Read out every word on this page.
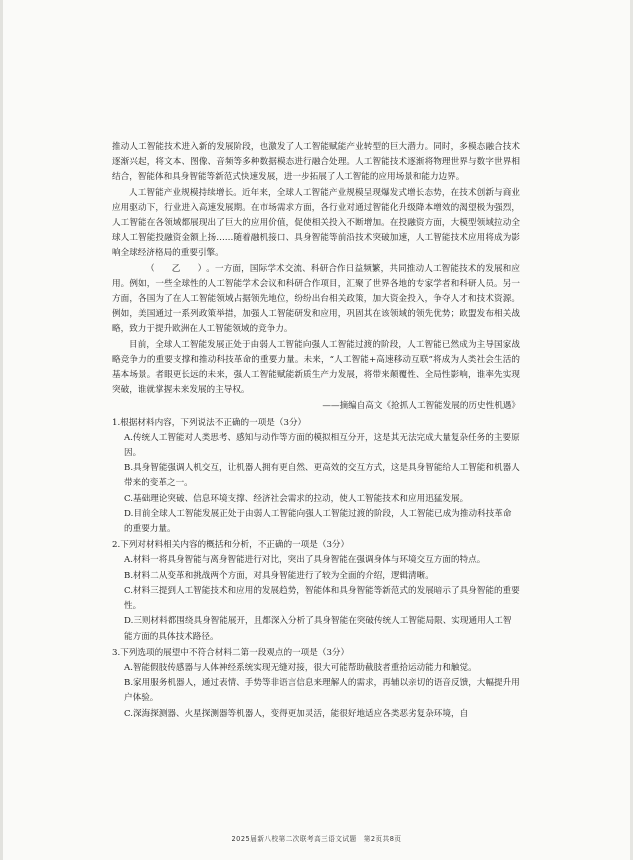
推动人工智能技术进入新的发展阶段，也激发了人工智能赋能产业转型的巨大潜力。同时，多模态融合技术逐渐兴起，将文本、图像、音频等多种数据模态进行融合处理。人工智能技术逐渐将物理世界与数字世界相结合，智能体和具身智能等新范式快速发展，进一步拓展了人工智能的应用场景和能力边界。

人工智能产业规模持续增长。近年来，全球人工智能产业规模呈现爆发式增长态势，在技术创新与商业应用驱动下，行业进入高速发展期。在市场需求方面，各行业对通过智能化升级降本增效的渴望极为强烈，人工智能在各领域都展现出了巨大的应用价值，促使相关投入不断增加。在投融资方面，大模型领域拉动全球人工智能投融资金额上扬……随着融机接口、具身智能等前沿技术突破加速，人工智能技术应用将成为影响全球经济格局的重要引擎。

（　　乙　　）。一方面，国际学术交流、科研合作日益频繁，共同推动人工智能技术的发展和应用。例如，一些全球性的人工智能学术会议和科研合作项目，汇聚了世界各地的专家学者和科研人员。另一方面，各国为了在人工智能领域占据领先地位，纷纷出台相关政策，加大资金投入，争夺人才和技术资源。例如，美国通过一系列政策举措，加强人工智能研发和应用，巩固其在该领域的领先优势；欧盟发布相关战略，致力于提升欧洲在人工智能领域的竞争力。

目前，全球人工智能发展正处于由弱人工智能向强人工智能过渡的阶段，人工智能已然成为主导国家战略竞争力的重要支撑和推动科技革命的重要力量。未来，“人工智能+高速移动互联”将成为人类社会生活的基本场景。者眼更长远的未来，强人工智能赋能新质生产力发展，将带来颠覆性、全局性影响，谁率先实现突破，谁就掌握未来发展的主导权。

——摘编自高文《抢抓人工智能发展的历史性机遇》

1.根据材料内容，下列说法不正确的一项是（3分）
A.传统人工智能对人类思考、感知与动作等方面的模拟相互分开，这是其无法完成大量复杂任务的主要原因。
B.具身智能强调人机交互，让机器人拥有更自然、更高效的交互方式，这是具身智能给人工智能和机器人带来的变革之一。
C.基础理论突破、信息环境支撑、经济社会需求的拉动，使人工智能技术和应用迅猛发展。
D.目前全球人工智能发展正处于由弱人工智能向强人工智能过渡的阶段，人工智能已成为推动科技革命的重要力量。
2.下列对材料相关内容的概括和分析，不正确的一项是（3分）
A.材料一将具身智能与离身智能进行对比，突出了具身智能在强调身体与环境交互方面的特点。
B.材料二从变革和挑战两个方面，对具身智能进行了较为全面的介绍，逻辑清晰。
C.材料三提到人工智能技术和应用的发展趋势，智能体和具身智能等新范式的发展暗示了具身智能的重要性。
D.三则材料都围绕具身智能展开，且都深入分析了具身智能在突破传统人工智能局限、实现通用人工智能方面的具体技术路径。
3.下列选项的展望中不符合材料二第一段观点的一项是（3分）
A.智能假肢传感器与人体神经系统实现无缝对接，很大可能帮助截肢者重拾运动能力和触觉。
B.家用服务机器人，通过表情、手势等非语言信息来理解人的需求，再辅以亲切的语音反馈，大幅提升用户体验。
C.深海探测器、火星探测器等机器人，变得更加灵活，能很好地适应各类恶劣复杂环境，自
2025届新八校第二次联考高三语文试题　第2页共8页
